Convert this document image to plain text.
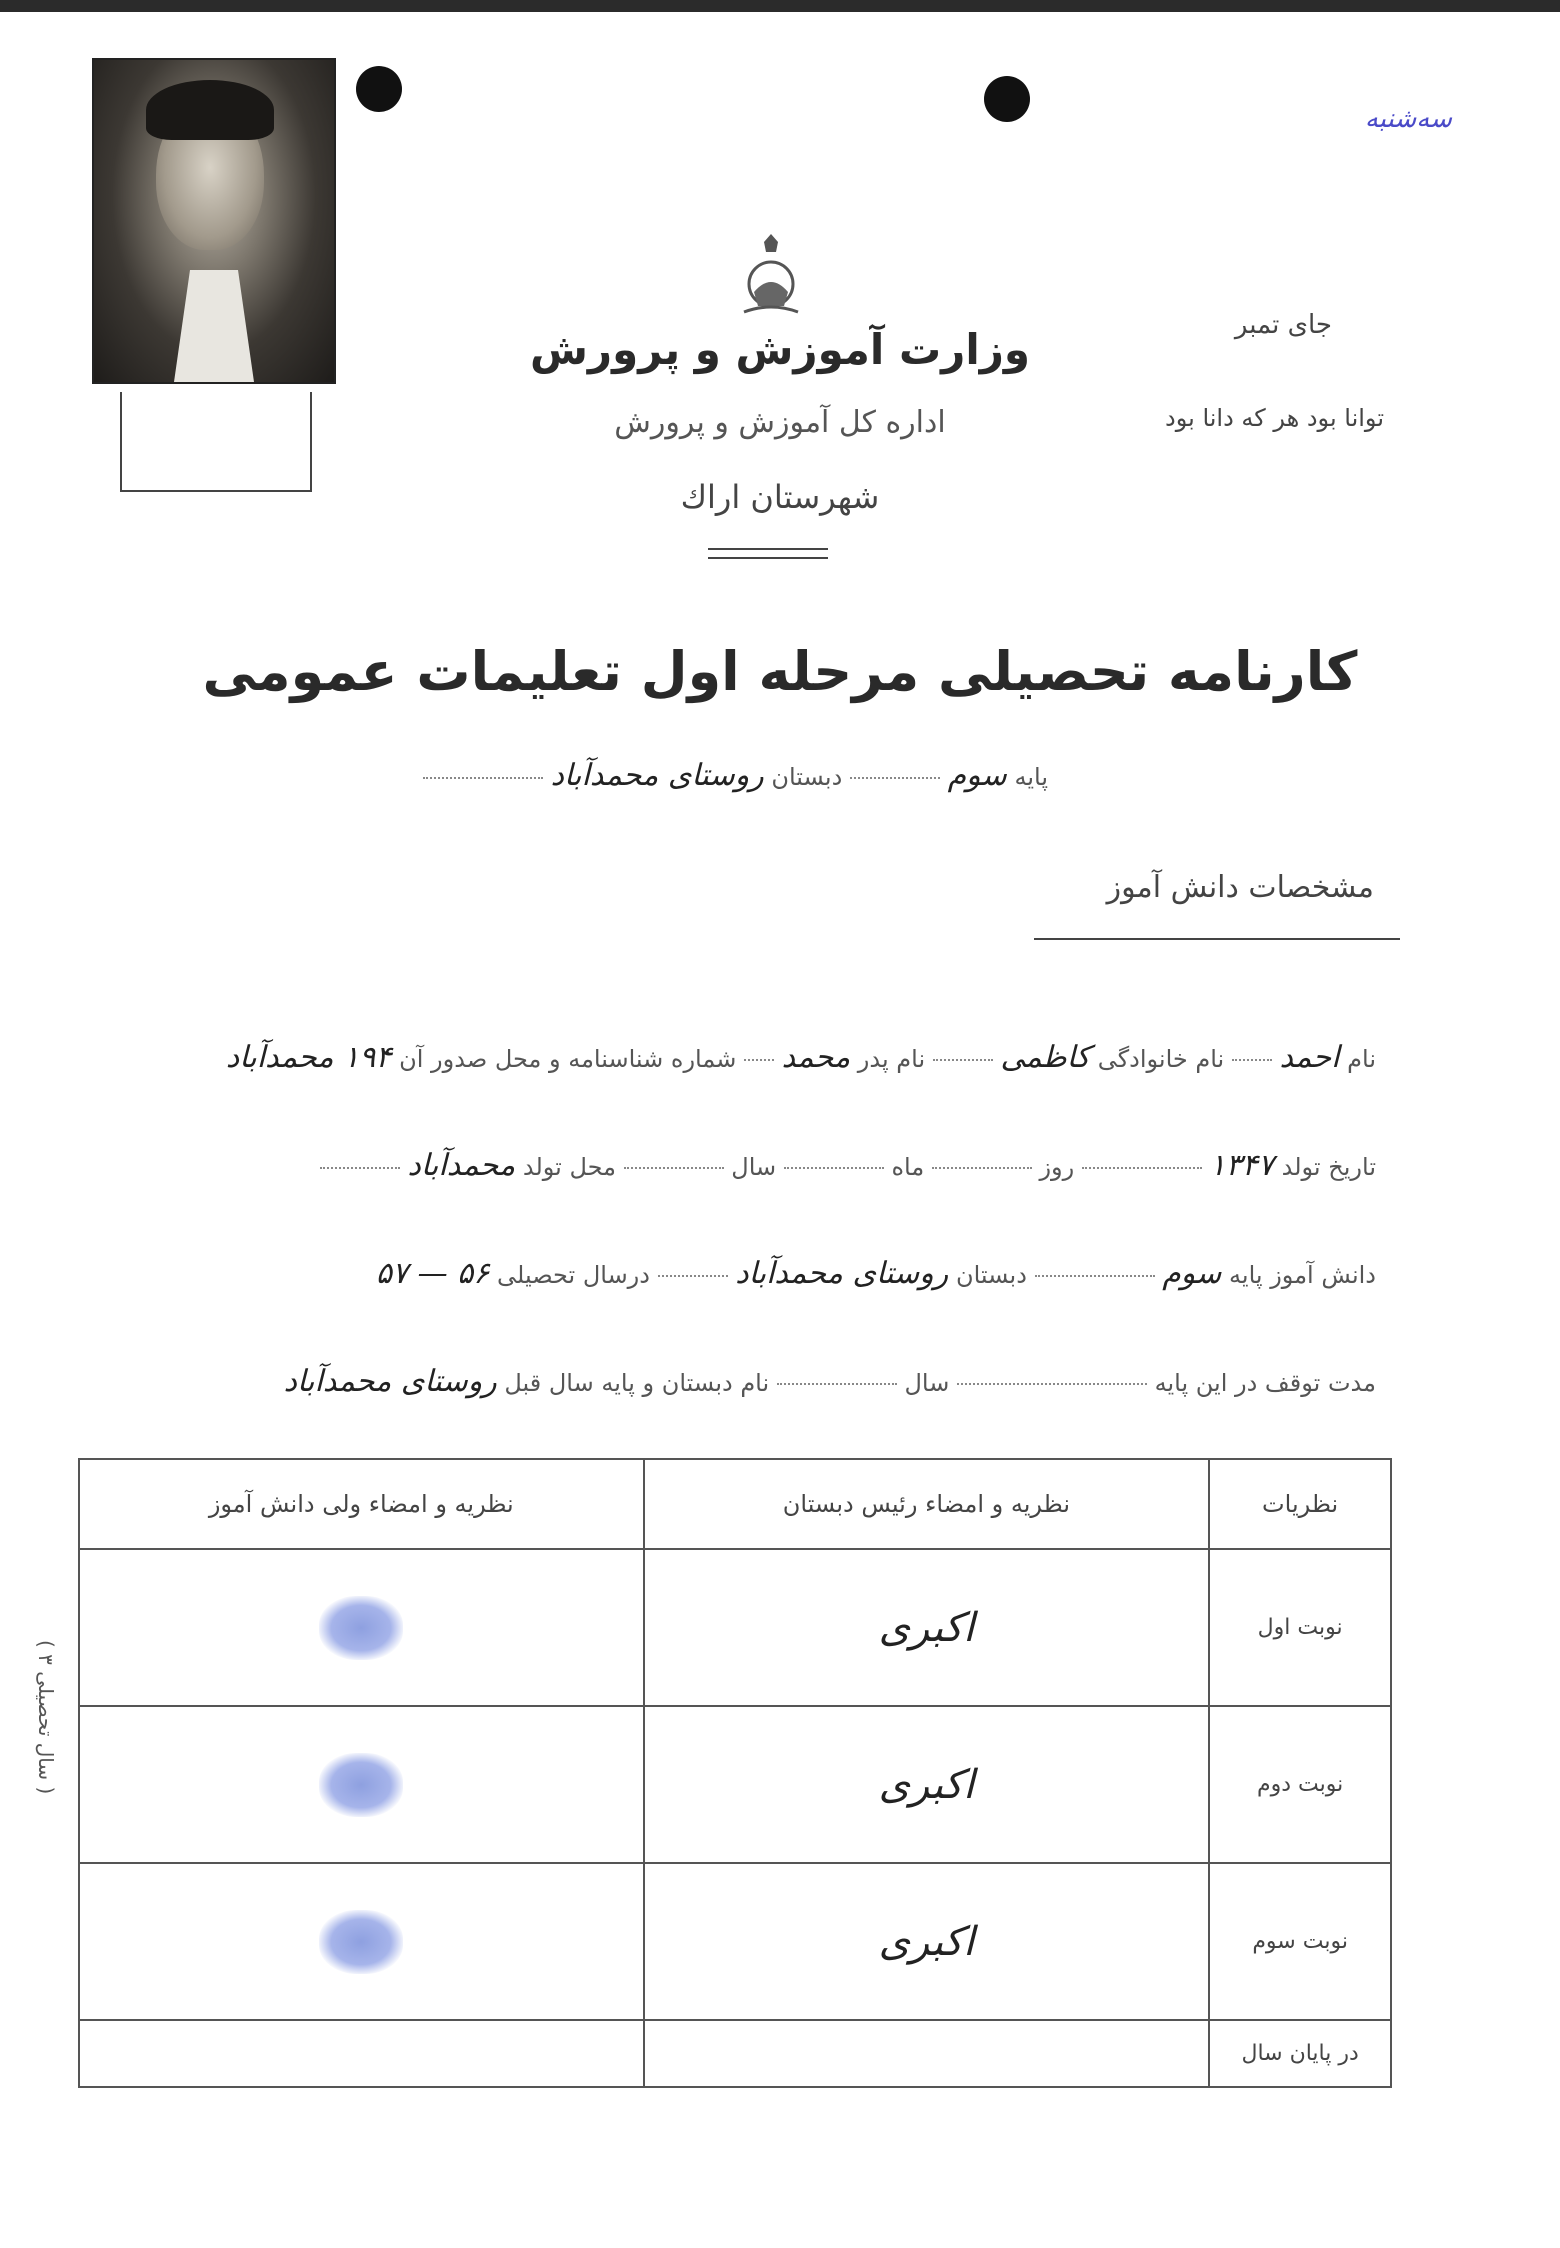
سه‌شنبه
وزارت آموزش و پرورش
اداره کل آموزش و پرورش
شهرستان اراك
جای تمبر
توانا بود هر که دانا بود
كارنامه تحصیلی مرحله اول تعلیمات عمومی
پایه سوم  دبستان روستای محمدآباد
مشخصات دانش آموز
نام احمد  نام خانوادگی کاظمی  نام پدر محمد  شماره شناسنامه و محل صدور آن ۱۹۴ محمدآباد
تاریخ تولد ۱۳۴۷  روز  ماه  سال  محل تولد محمدآباد
دانش آموز پایه سوم  دبستان روستای محمدآباد  درسال تحصیلی ۵۶ — ۵۷
مدت توقف در این پایه  سال  نام دبستان و پایه سال قبل روستای محمدآباد
نظریات	نظریه و امضاء رئیس دبستان	نظریه و امضاء ولی دانش آموز
نوبت اول	اکبری	

نوبت دوم	اکبری	

نوبت سوم	اکبری	

در پایان سال	

( ۳ سال تحصیلی )
